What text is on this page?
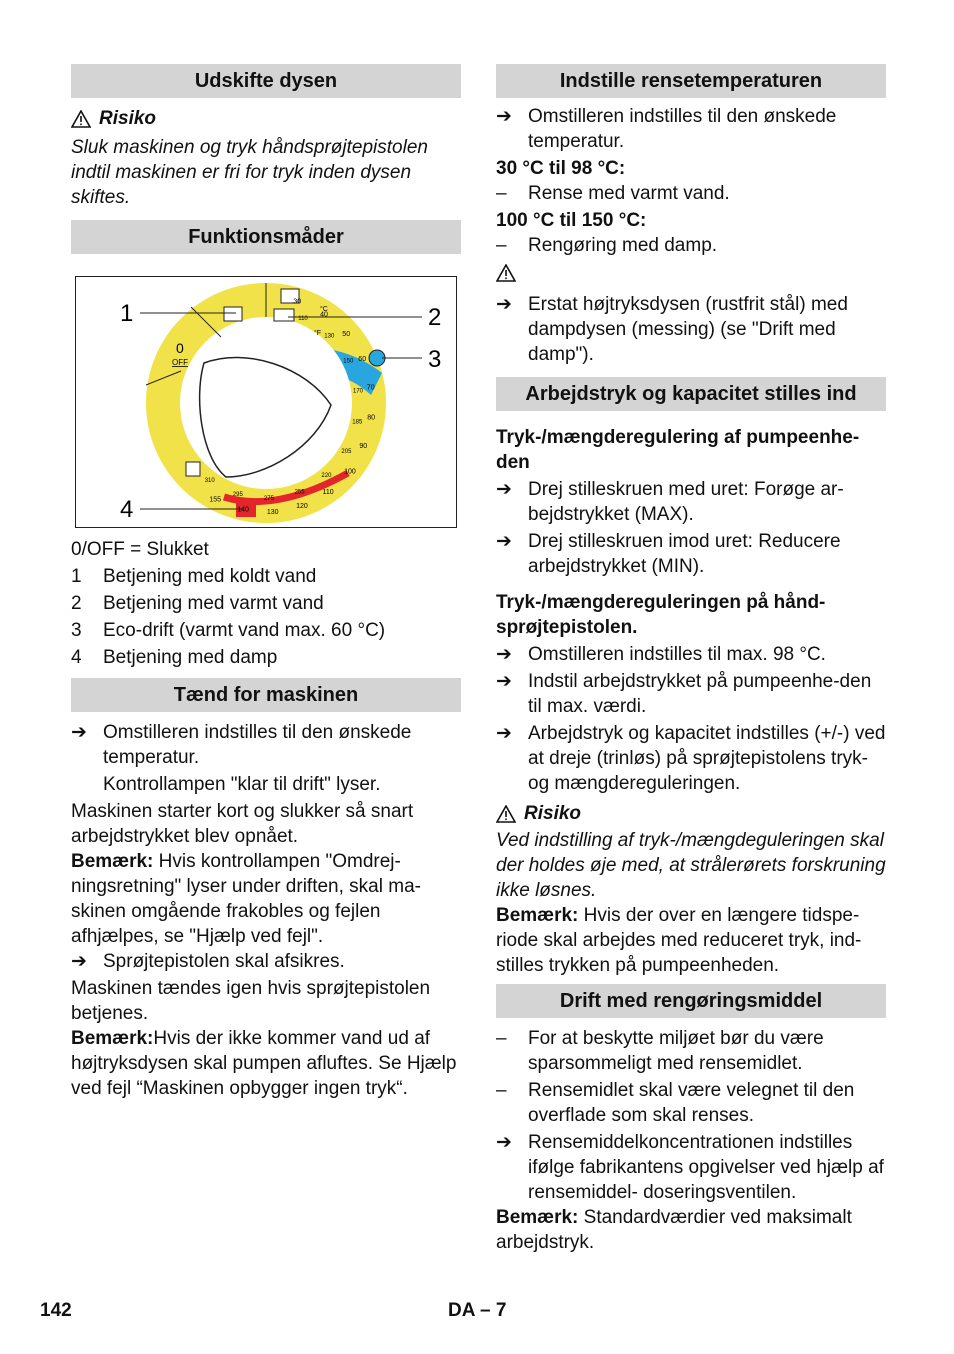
Udskifte dysen
Risiko

Sluk maskinen og tryk håndsprøjtepistolen indtil maskinen er fri for tryk inden dysen skiftes.

Funktionsmåder
0
OFF
°C
°F
30
40
50
60
70
80
90
100
110
120
130
140
155
110
130
150
170
185
205
220
255
275
295
310
1	2
3
4

0/OFF = Slukket

1	Betjening med koldt vand
2	Betjening med varmt vand
3	Eco-drift (varmt vand max. 60 °C)
4	Betjening med damp
Tænd for maskinen
➔ Omstilleren indstilles til den ønskede temperatur.

Kontrollampen "klar til drift" lyser.

Maskinen starter kort og slukker så snart arbejdstrykket blev opnået.

Bemærk: Hvis kontrollampen "Omdrej-ningsretning" lyser under driften, skal ma-skinen omgående frakobles og fejlen afhjælpes, se "Hjælp ved fejl".

➔ Sprøjtepistolen skal afsikres.

Maskinen tændes igen hvis sprøjtepistolen betjenes.

Bemærk:Hvis der ikke kommer vand ud af højtryksdysen skal pumpen afluftes. Se Hjælp ved fejl “Maskinen opbygger ingen tryk“.

Indstille rensetemperaturen
➔ Omstilleren indstilles til den ønskede temperatur.

30 °C til 98 °C:

–	Rense med varmt vand.

100 °C til 150 °C:

–	Rengøring med damp.
➔ Erstat højtryksdysen (rustfrit stål) med dampdysen (messing) (se "Drift med damp").
Arbejdstryk og kapacitet stilles ind

Tryk-/mængderegulering af pumpeenhe-den

➔ Drej stilleskruen med uret: Forøge ar-bejdstrykket (MAX).
➔ Drej stilleskruen imod uret: Reducere arbejdstrykket (MIN).

Tryk-/mængdereguleringen på hånd-sprøjtepistolen.

➔ Omstilleren indstilles til max. 98 °C.
➔ Indstil arbejdstrykket på pumpeenhe-den til max. værdi.
➔ Arbejdstryk og kapacitet indstilles (+/-) ved at dreje (trinløs) på sprøjtepistolens tryk- og mængdereguleringen.
Risiko

Ved indstilling af tryk-/mængdeguleringen skal der holdes øje med, at strålerørets forskruning ikke løsnes.

Bemærk: Hvis der over en længere tidspe-riode skal arbejdes med reduceret tryk, ind-stilles trykken på pumpeenheden.

Drift med rengøringsmiddel
–	For at beskytte miljøet bør du være sparsommeligt med rensemidlet.
–	Rensemidlet skal være velegnet til den overflade som skal renses.
➔ Rensemiddelkoncentrationen indstilles ifølge fabrikantens opgivelser ved hjælp af rensemiddel- doseringsventilen.

Bemærk: Standardværdier ved maksimalt arbejdstryk.

142	DA – 7
